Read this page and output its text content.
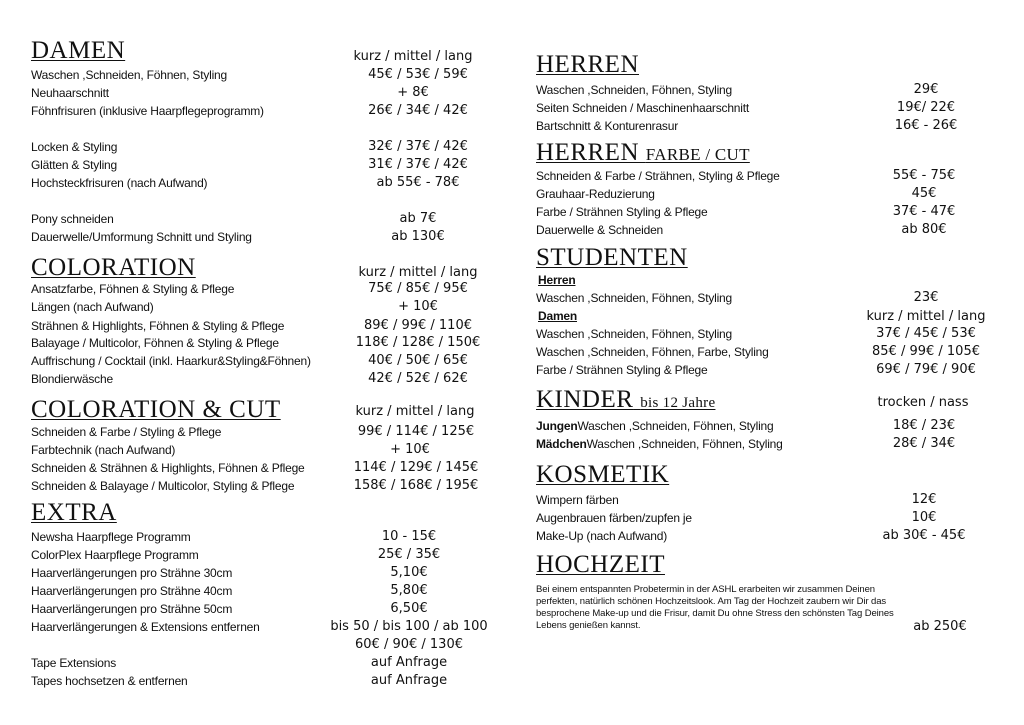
DAMEN	kurz / mittel / lang
Waschen ,Schneiden, Föhnen, Styling	45€ / 53€ / 59€
Neuhaarschnitt	+ 8€
Föhnfrisuren (inklusive Haarpflegeprogramm)	26€ / 34€ / 42€
Locken & Styling	32€ / 37€ / 42€
Glätten & Styling	31€ / 37€ / 42€
Hochsteckfrisuren (nach Aufwand)	ab 55€ - 78€
Pony schneiden	ab 7€
Dauerwelle/Umformung Schnitt und Styling	ab 130€
COLORATION	kurz / mittel / lang
Ansatzfarbe, Föhnen & Styling & Pflege	75€ / 85€ / 95€
Längen (nach Aufwand)	+ 10€
Strähnen & Highlights, Föhnen & Styling & Pflege	89€ / 99€ / 110€
Balayage / Multicolor, Föhnen & Styling & Pflege	118€ / 128€ / 150€
Auffrischung / Cocktail (inkl. Haarkur&Styling&Föhnen)	40€ / 50€ / 65€
Blondierwäsche	42€ / 52€ / 62€
COLORATION & CUT	kurz / mittel / lang
Schneiden & Farbe / Styling & Pflege	99€ / 114€ / 125€
Farbtechnik (nach Aufwand)	+ 10€
Schneiden & Strähnen & Highlights, Föhnen & Pflege	114€ / 129€ / 145€
Schneiden & Balayage / Multicolor, Styling & Pflege	158€ / 168€ / 195€
EXTRA
Newsha Haarpflege Programm	10 - 15€
ColorPlex Haarpflege Programm	25€ / 35€
Haarverlängerungen pro Strähne 30cm	5,10€
Haarverlängerungen pro Strähne 40cm	5,80€
Haarverlängerungen pro Strähne 50cm	6,50€
Haarverlängerungen & Extensions entfernen	bis 50 / bis 100 / ab 100
60€ / 90€ / 130€
Tape Extensions	auf Anfrage
Tapes hochsetzen & entfernen	auf Anfrage
HERREN
Waschen ,Schneiden, Föhnen, Styling	29€
Seiten Schneiden / Maschinenhaarschnitt	19€/ 22€
Bartschnitt & Konturenrasur	16€ - 26€
HERREN FARBE / CUT
Schneiden & Farbe / Strähnen, Styling & Pflege	55€ - 75€
Grauhaar-Reduzierung	45€
Farbe / Strähnen Styling & Pflege	37€ - 47€
Dauerwelle & Schneiden	ab 80€
STUDENTEN
Herren
Waschen ,Schneiden, Föhnen, Styling	23€
Damen	kurz / mittel / lang
Waschen ,Schneiden, Föhnen, Styling	37€ / 45€ / 53€
Waschen ,Schneiden, Föhnen, Farbe, Styling	85€ / 99€ / 105€
Farbe / Strähnen Styling & Pflege	69€ / 79€ / 90€
KINDER bis 12 Jahre	trocken / nass
JungenWaschen ,Schneiden, Föhnen, Styling	18€ / 23€
MädchenWaschen ,Schneiden, Föhnen, Styling	28€ / 34€
KOSMETIK
Wimpern färben	12€
Augenbrauen färben/zupfen je	10€
Make-Up (nach Aufwand)	ab 30€ - 45€
HOCHZEIT
Bei einem entspannten Probetermin in der ASHL erarbeiten wir zusammen Deinen perfekten, natürlich schönen Hochzeitslook. Am Tag der Hochzeit zaubern wir Dir das besprochene Make-up und die Frisur, damit Du ohne Stress den schönsten Tag Deines Lebens genießen kannst.	ab 250€
